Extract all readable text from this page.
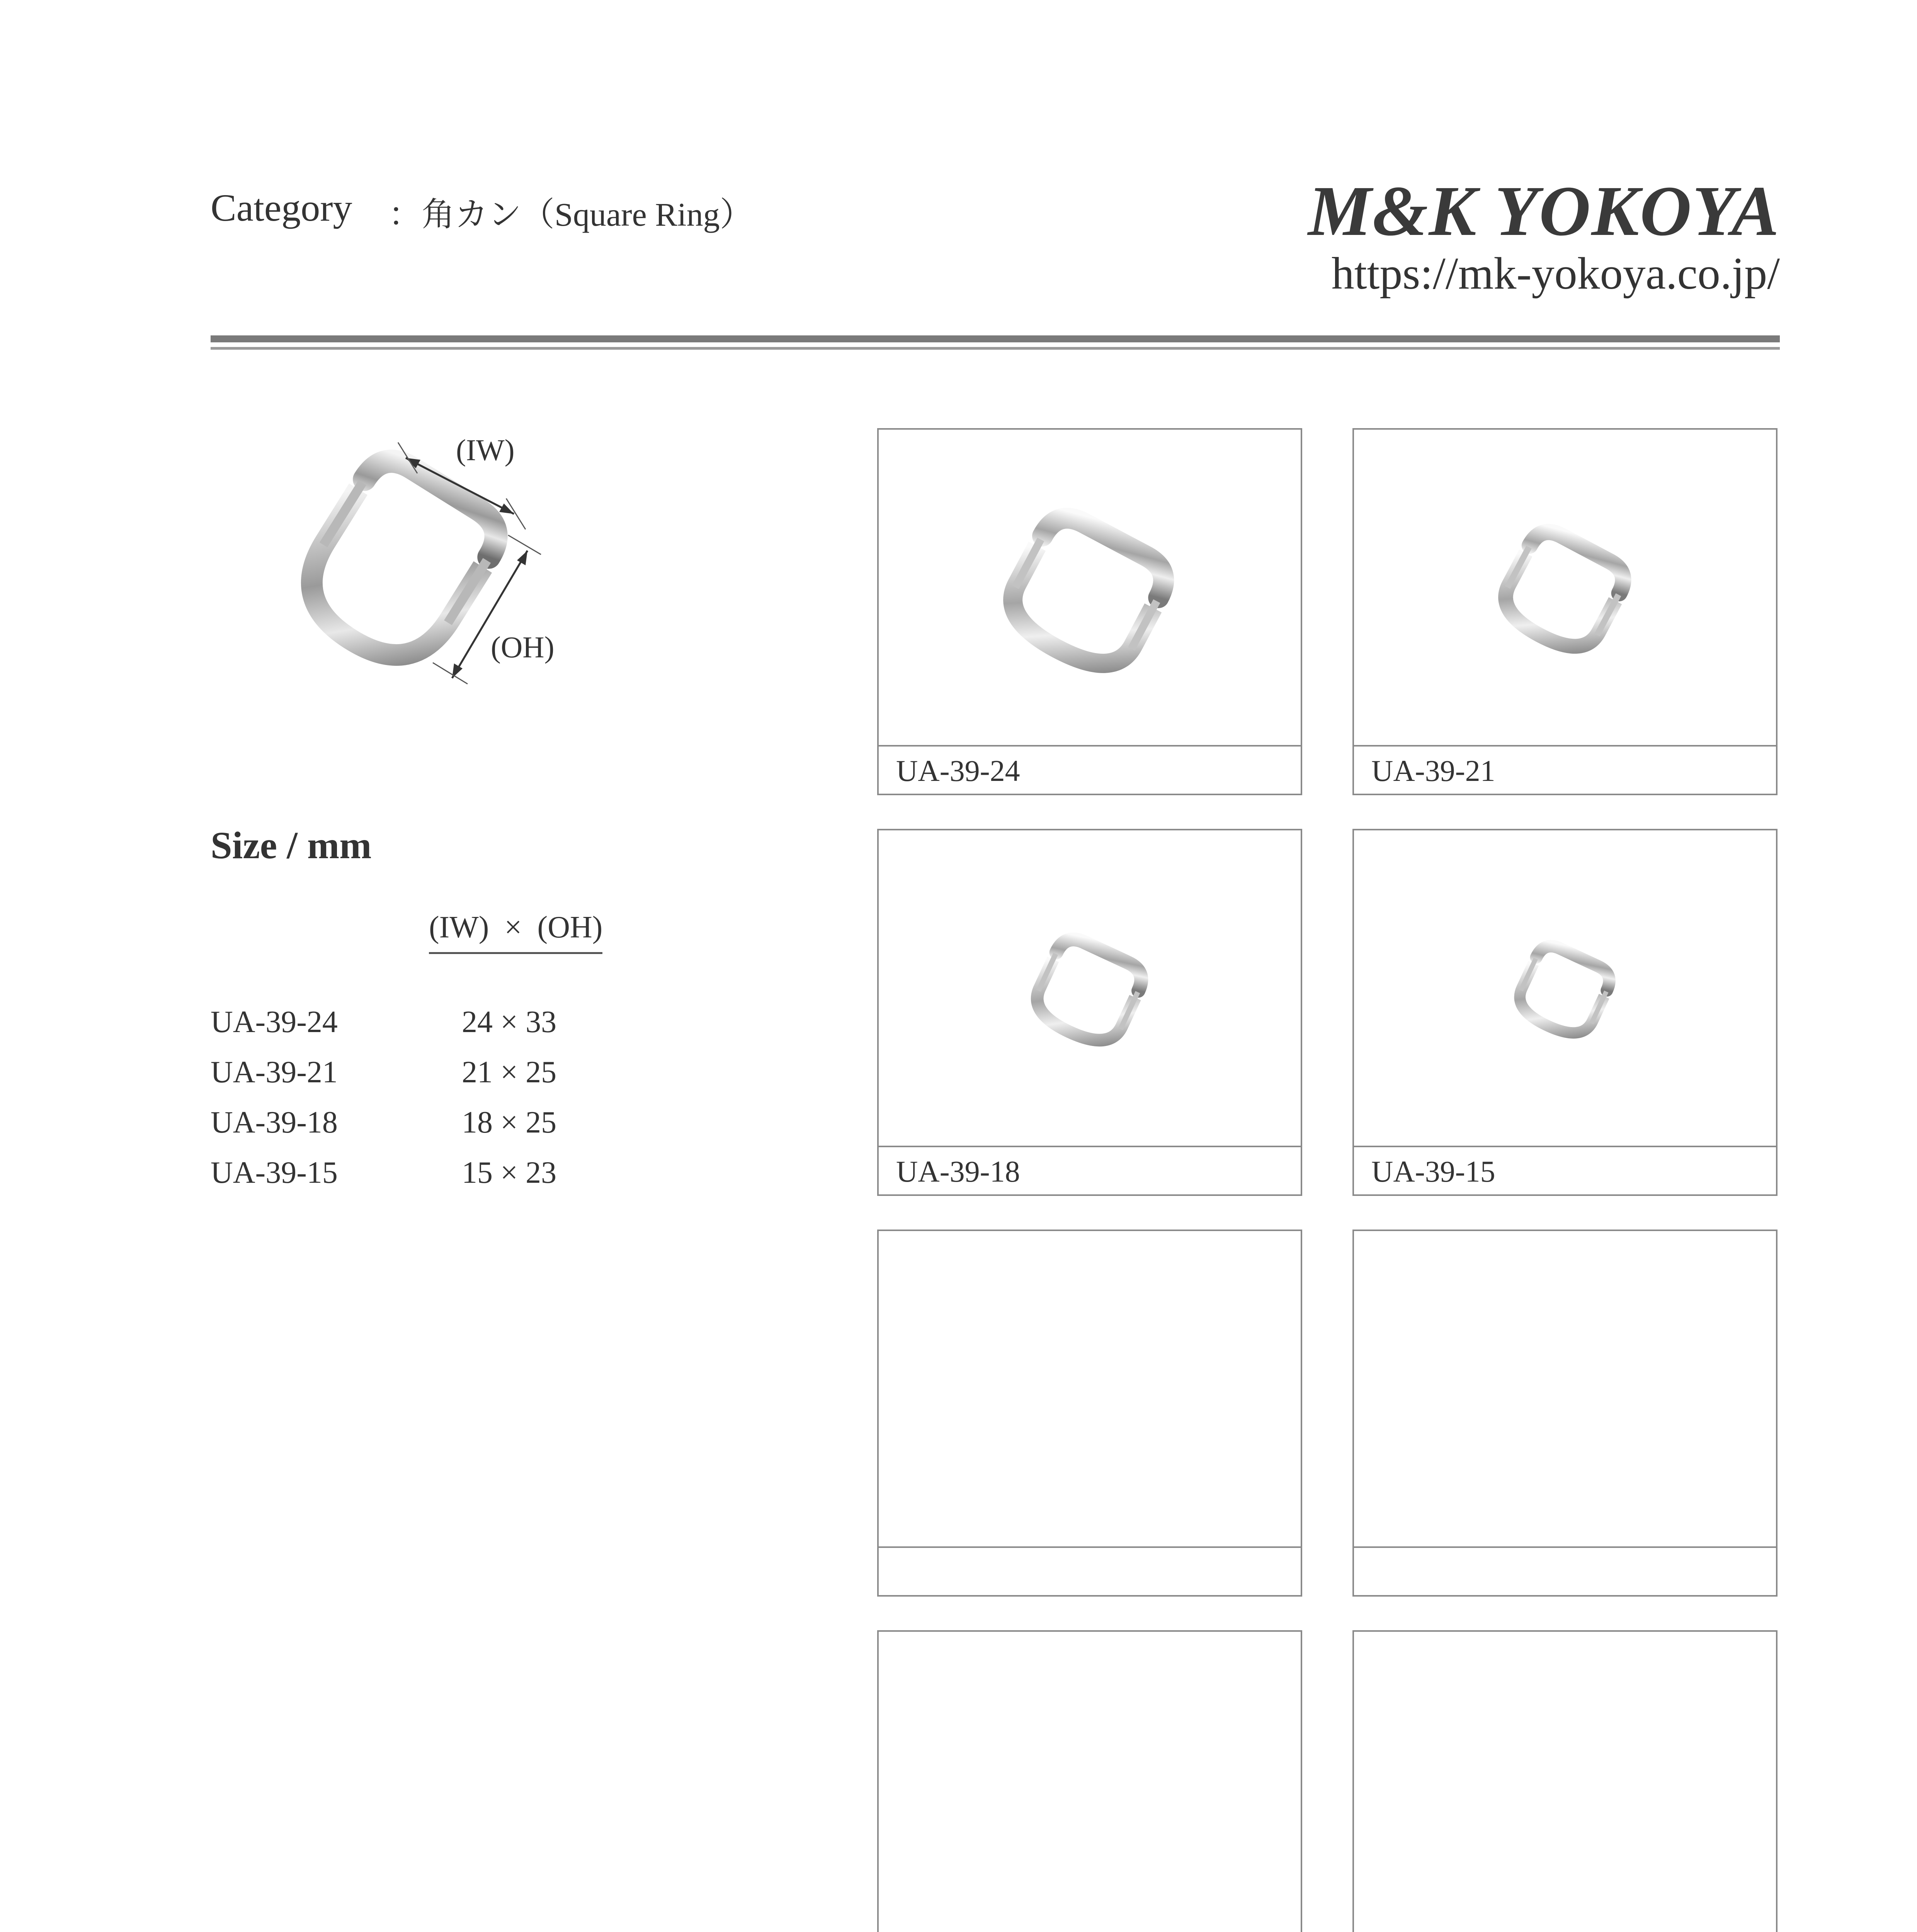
Category ：角カン（Square Ring）	M&K YOKOYA
https://mk-yokoya.co.jp/
(IW)
(OH)
Size / mm
(IW)  ×  (OH)
UA-39-24	24 × 33
UA-39-21	21 × 25
UA-39-18	18 × 25
UA-39-15	15 × 23
UA-39-24	UA-39-21
UA-39-18	UA-39-15
